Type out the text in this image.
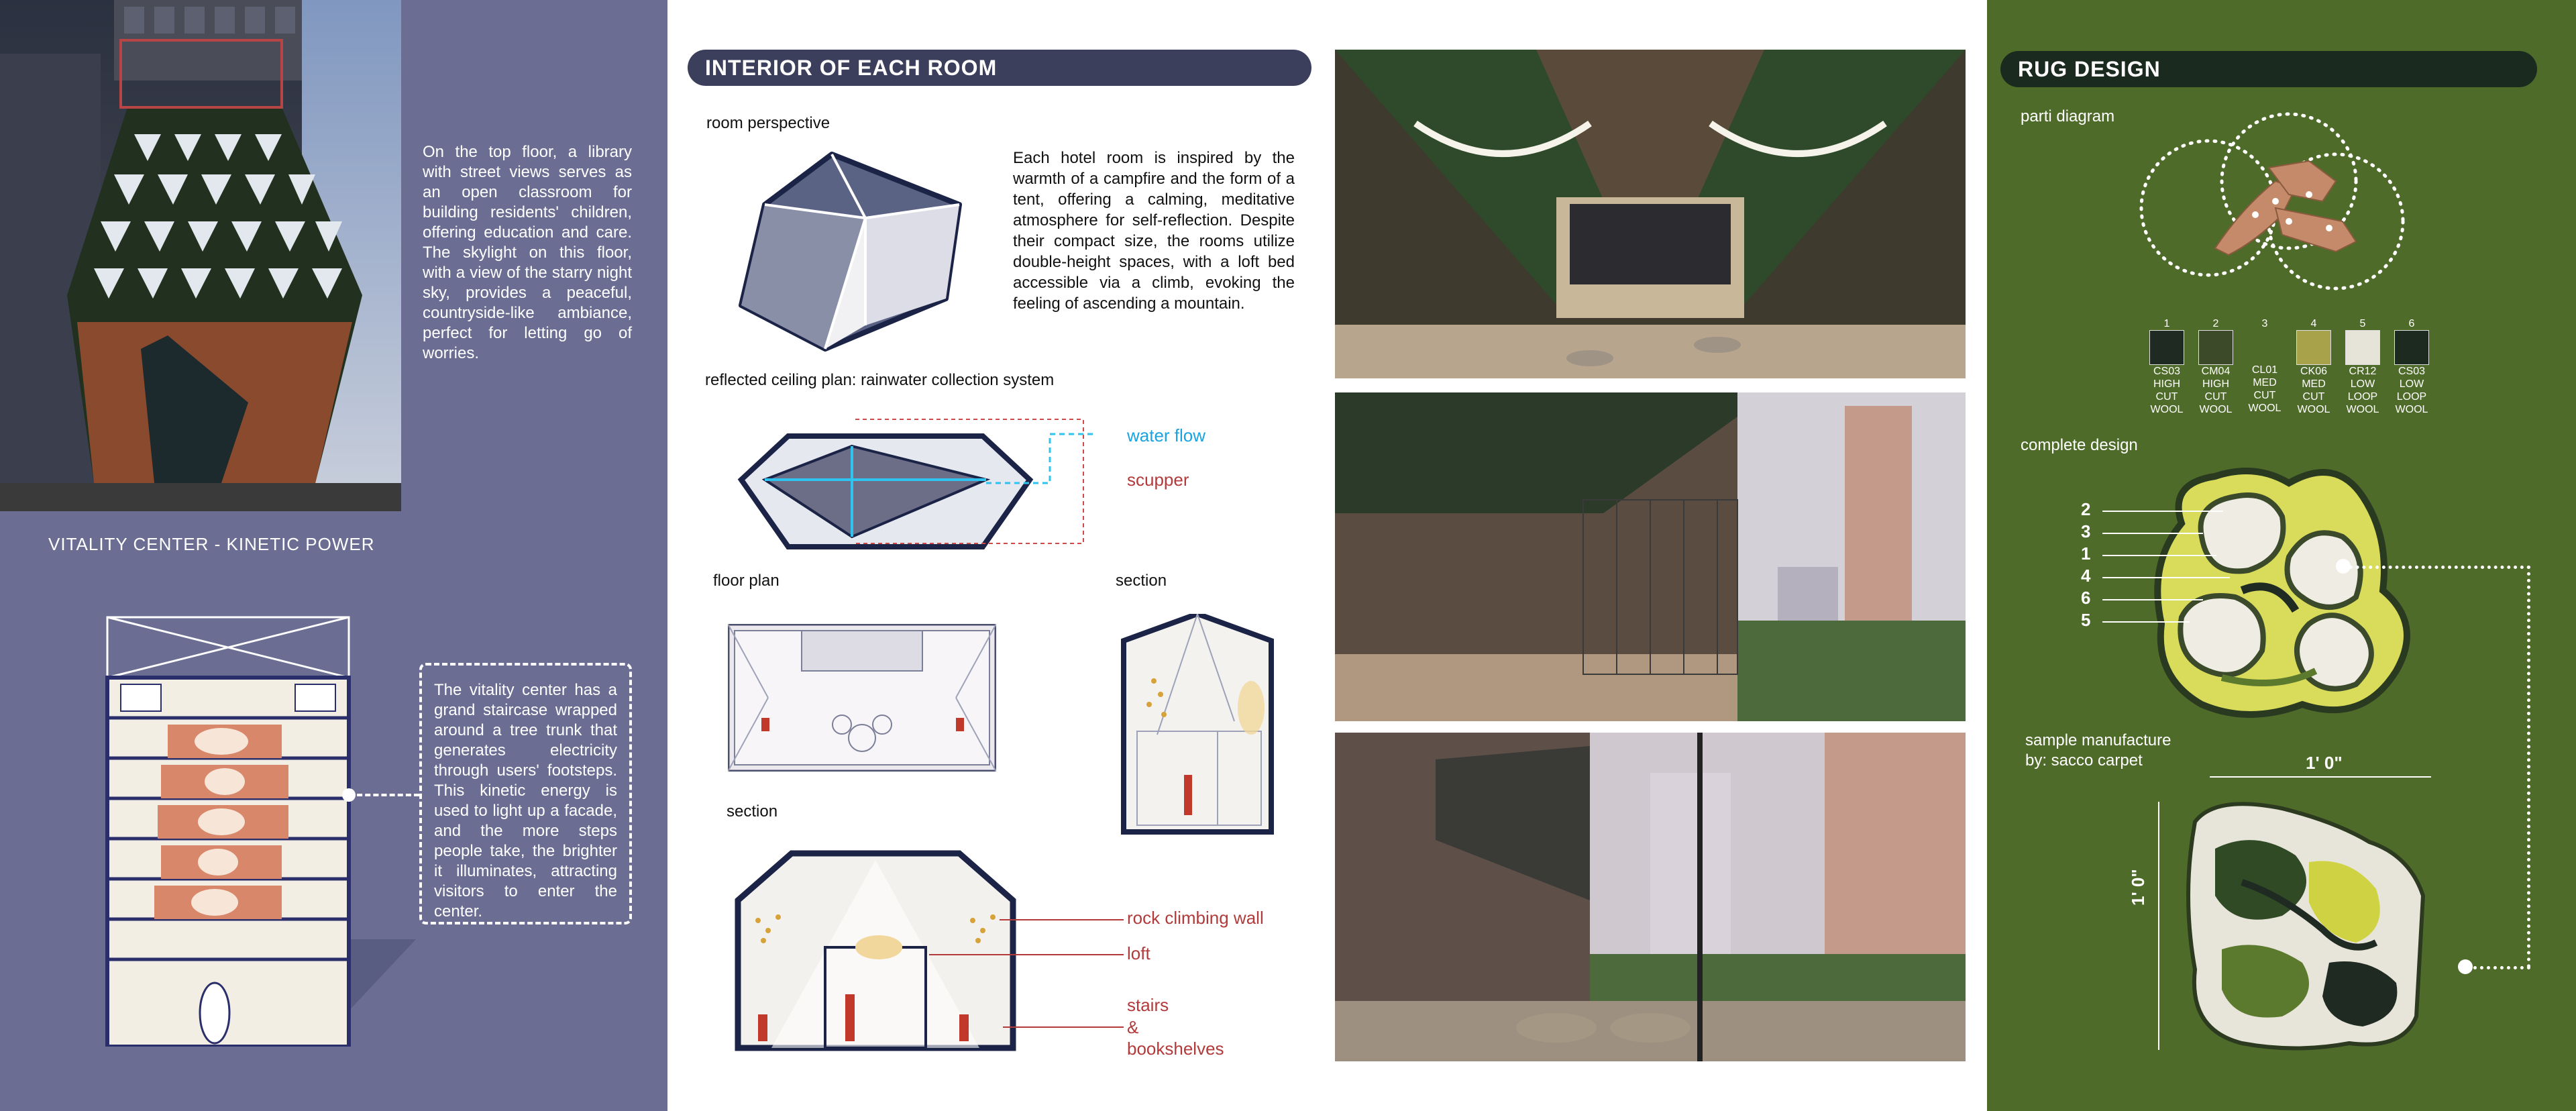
On the top floor, a library with street views serves as an open classroom for building residents' children, offering education and care. The skylight on this floor, with a view of the starry night sky, provides a peaceful, countryside-like ambiance, perfect for letting go of worries.
VITALITY CENTER - KINETIC POWER
The vitality center has a grand staircase wrapped around a tree trunk that generates electricity through users' footsteps. This kinetic energy is used to light up a facade, and the more steps people take, the brighter it illuminates, attracting visitors to enter the center.
INTERIOR OF EACH ROOM
room perspective
Each hotel room is inspired by the warmth of a campfire and the form of a tent, offering a calming, meditative atmosphere for self-reflection. Despite their compact size, the rooms utilize double-height spaces, with a loft bed accessible via a climb, evoking the feeling of ascending a mountain.
reflected ceiling plan: rainwater collection system
water flow
scupper
floor plan	section
section
rock climbing wall
loft
stairs
&
bookshelves
RUG DESIGN
parti diagram
1
CS03
HIGH
CUT
WOOL
2
CM04
HIGH
CUT
WOOL
3
CL01
MED
CUT
WOOL
4
CK06
MED
CUT
WOOL
5
CR12
LOW
LOOP
WOOL
6
CS03
LOW
LOOP
WOOL
complete design
2
3
1
4
6
5
sample manufacture
by: sacco carpet	1' 0"
1' 0"
